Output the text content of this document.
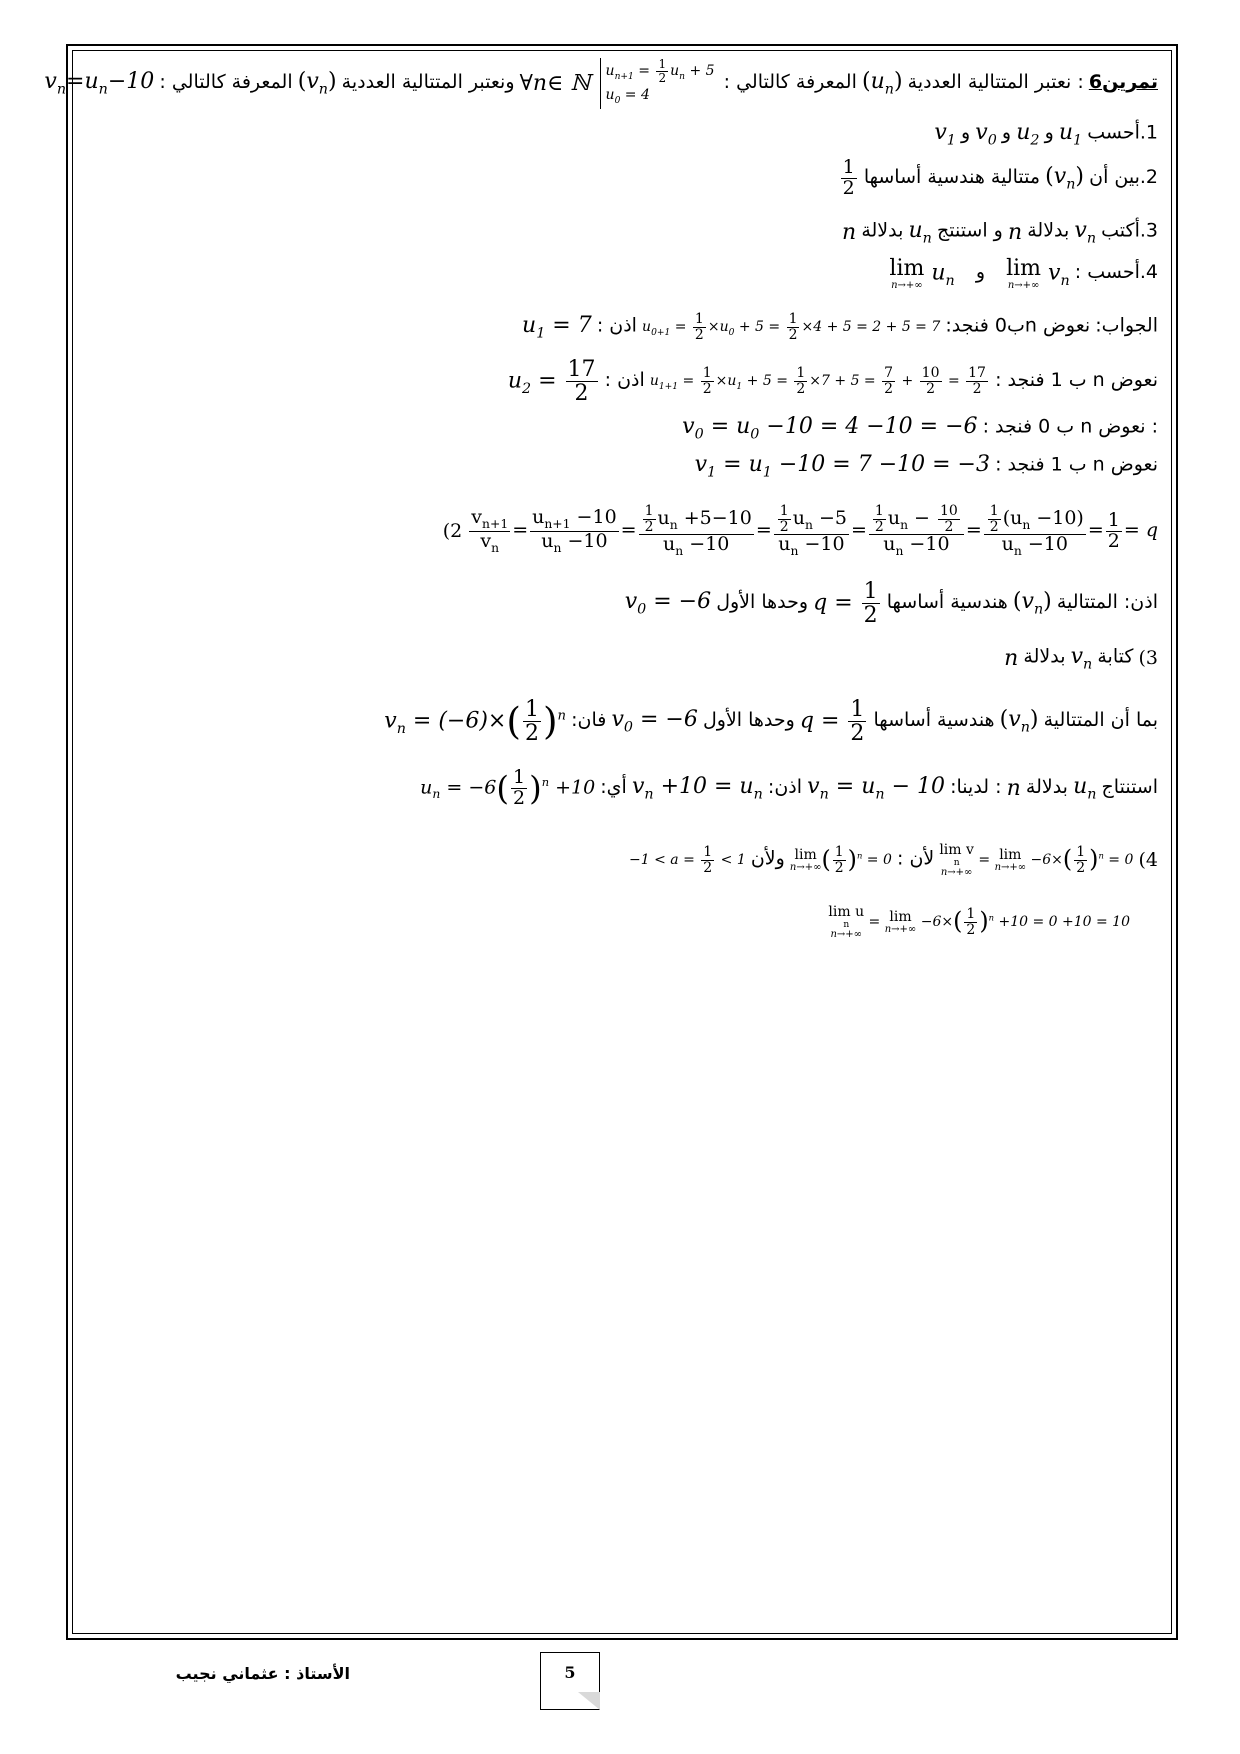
تمرين6 : نعتبر المتتالية العددية $(u_n)$ المعرفة كالتالي : $u_{n+1} = \frac{1}{2} u_n + 5$
$u_0 = 4$ ∀n∈ ℕ ونعتبر المتتالية العددية $(v_n)$ المعرفة كالتالي : $v_n=u_n-10$
1.أحسب $u_1$ و $u_2$ و $v_0$ و $v_1$
2.بين أن $(v_n)$ متتالية هندسية أساسها
$\frac{1}{2}$
3.أكتب $v_n$ بدلالة n و استنتج $u_n$ بدلالة n
4.أحسب : lim
n→+∞ $v_n$ و lim
n→+∞ $u_n$
الجواب: نعوض nب0 فنجد: $u_{0+1} = \frac{1}{2} \times u_0 + 5 = \frac{1}{2} \times 4 + 5 = 2 + 5 = 7$ اذن : $u_1 = 7$
نعوض n ب 1 فنجد : $u_{1+1} = \frac{1}{2} \times u_1 + 5 = \frac{1}{2} \times 7 + 5 = \frac{7}{2} + \frac{10}{2} = \frac{17}{2}$
اذن : $u_2 = \frac{17}{2}$
: نعوض n ب 0 فنجد : $v_0 = u_0 -10 = 4 -10 = -6$
نعوض n ب 1 فنجد : $v_1 = u_1 -10 = 7 -10 = -3$
($2 \frac{v_{n+1}}{v_n} = \frac{u_{n+1} -10}{u_n -10} = \frac{\frac{1}{2} u_n +5-10}{u_n -10} = \frac{\frac{1}{2} u_n -5}{u_n -10} = \frac{\frac{1}{2} u_n - \frac{10}{2}}{u_n -10} = \frac{\frac{1}{2} (u_n -10)}{u_n -10} = \frac{1}{2} = q$
اذن: المتتالية $(v_n)$ هندسية أساسها $q = \frac{1}{2}$
وحدها الأول $v_0 = -6$
(3 كتابة $v_n$ بدلالة n
بما أن المتتالية $(v_n)$ هندسية أساسها $q = \frac{1}{2}$
وحدها الأول $v_0 = -6$ فان: $v_n = (-6)\times( \frac{1}{2} )^n$
استنتاج $u_n$ بدلالة n : لدينا: $v_n = u_n - 10$ اذن: $v_n +10 = u_n$ أي: $u_n = -6( \frac{1}{2} )^n +10$
(4 lim v
n
n→+∞
= lim
$n\to+\infty -6\times( \frac{1}{2} )^n = 0$ لأن : lim
n→+∞ ( $\frac{1}{2} )^n = 0$ ولأن $-1 < a = \frac{1}{2} < 1$
lim u
n
n→+∞
= lim
$n\to+\infty -6\times( \frac{1}{2} )^n +10 = 0 +10 = 10$
الأستاذ : عثماني نجيب	5
